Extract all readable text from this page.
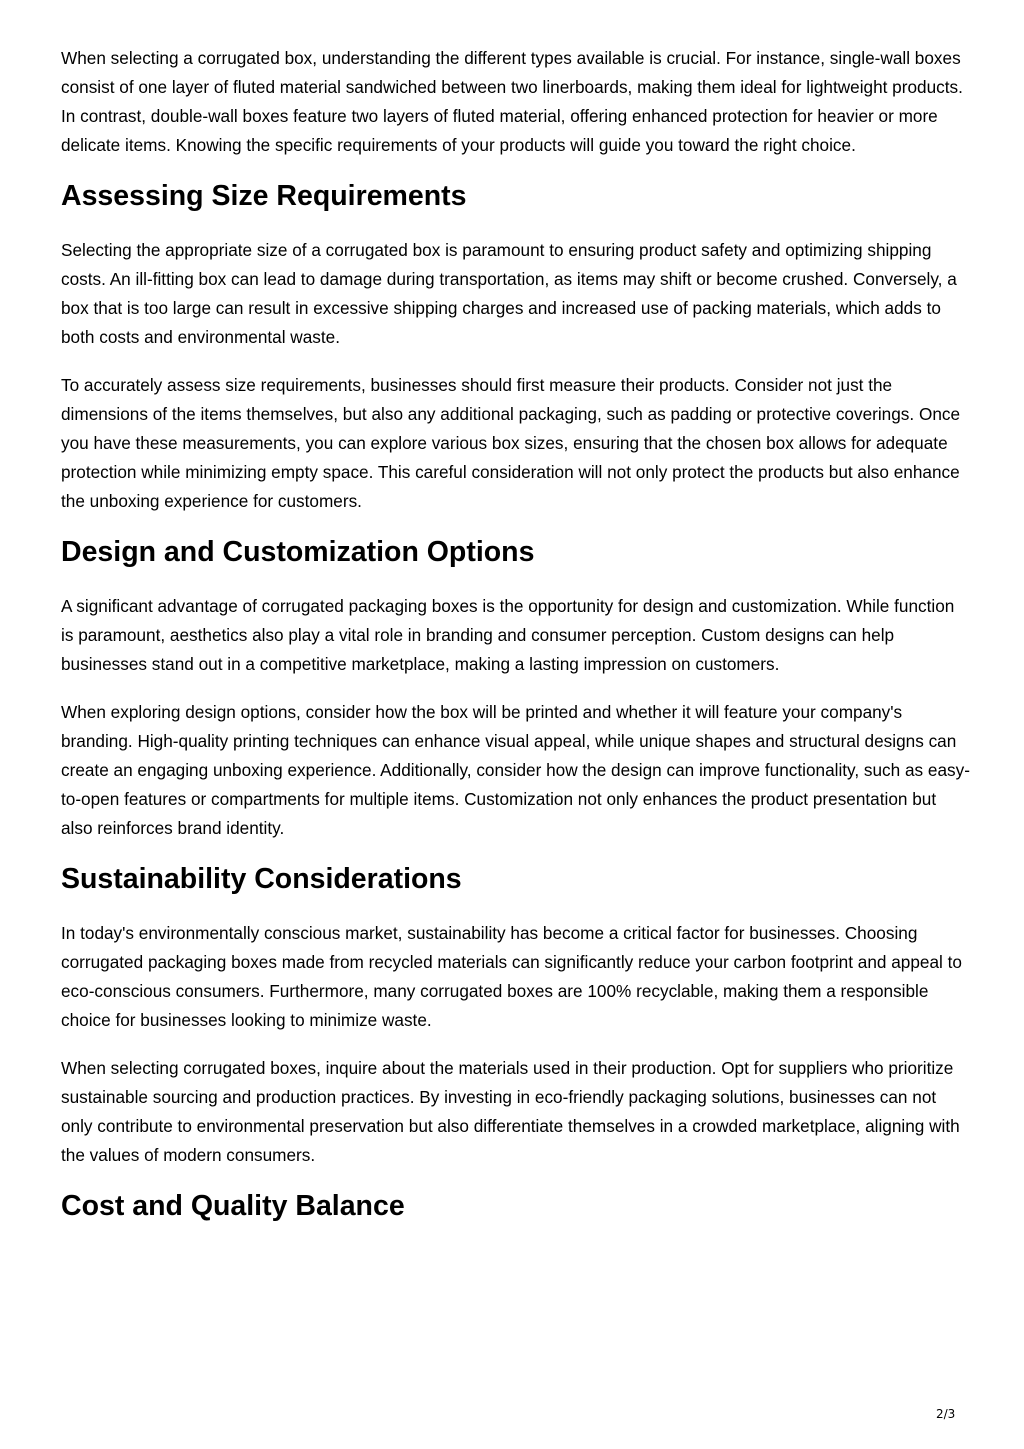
When selecting a corrugated box, understanding the different types available is crucial. For instance, single-wall boxes consist of one layer of fluted material sandwiched between two linerboards, making them ideal for lightweight products. In contrast, double-wall boxes feature two layers of fluted material, offering enhanced protection for heavier or more delicate items. Knowing the specific requirements of your products will guide you toward the right choice.

Assessing Size Requirements

Selecting the appropriate size of a corrugated box is paramount to ensuring product safety and optimizing shipping costs. An ill-fitting box can lead to damage during transportation, as items may shift or become crushed. Conversely, a box that is too large can result in excessive shipping charges and increased use of packing materials, which adds to both costs and environmental waste.

To accurately assess size requirements, businesses should first measure their products. Consider not just the dimensions of the items themselves, but also any additional packaging, such as padding or protective coverings. Once you have these measurements, you can explore various box sizes, ensuring that the chosen box allows for adequate protection while minimizing empty space. This careful consideration will not only protect the products but also enhance the unboxing experience for customers.

Design and Customization Options

A significant advantage of corrugated packaging boxes is the opportunity for design and customization. While function is paramount, aesthetics also play a vital role in branding and consumer perception. Custom designs can help businesses stand out in a competitive marketplace, making a lasting impression on customers.

When exploring design options, consider how the box will be printed and whether it will feature your company's branding. High-quality printing techniques can enhance visual appeal, while unique shapes and structural designs can create an engaging unboxing experience. Additionally, consider how the design can improve functionality, such as easy-to-open features or compartments for multiple items. Customization not only enhances the product presentation but also reinforces brand identity.

Sustainability Considerations

In today's environmentally conscious market, sustainability has become a critical factor for businesses. Choosing corrugated packaging boxes made from recycled materials can significantly reduce your carbon footprint and appeal to eco-conscious consumers. Furthermore, many corrugated boxes are 100% recyclable, making them a responsible choice for businesses looking to minimize waste.

When selecting corrugated boxes, inquire about the materials used in their production. Opt for suppliers who prioritize sustainable sourcing and production practices. By investing in eco-friendly packaging solutions, businesses can not only contribute to environmental preservation but also differentiate themselves in a crowded marketplace, aligning with the values of modern consumers.

Cost and Quality Balance
2/3
